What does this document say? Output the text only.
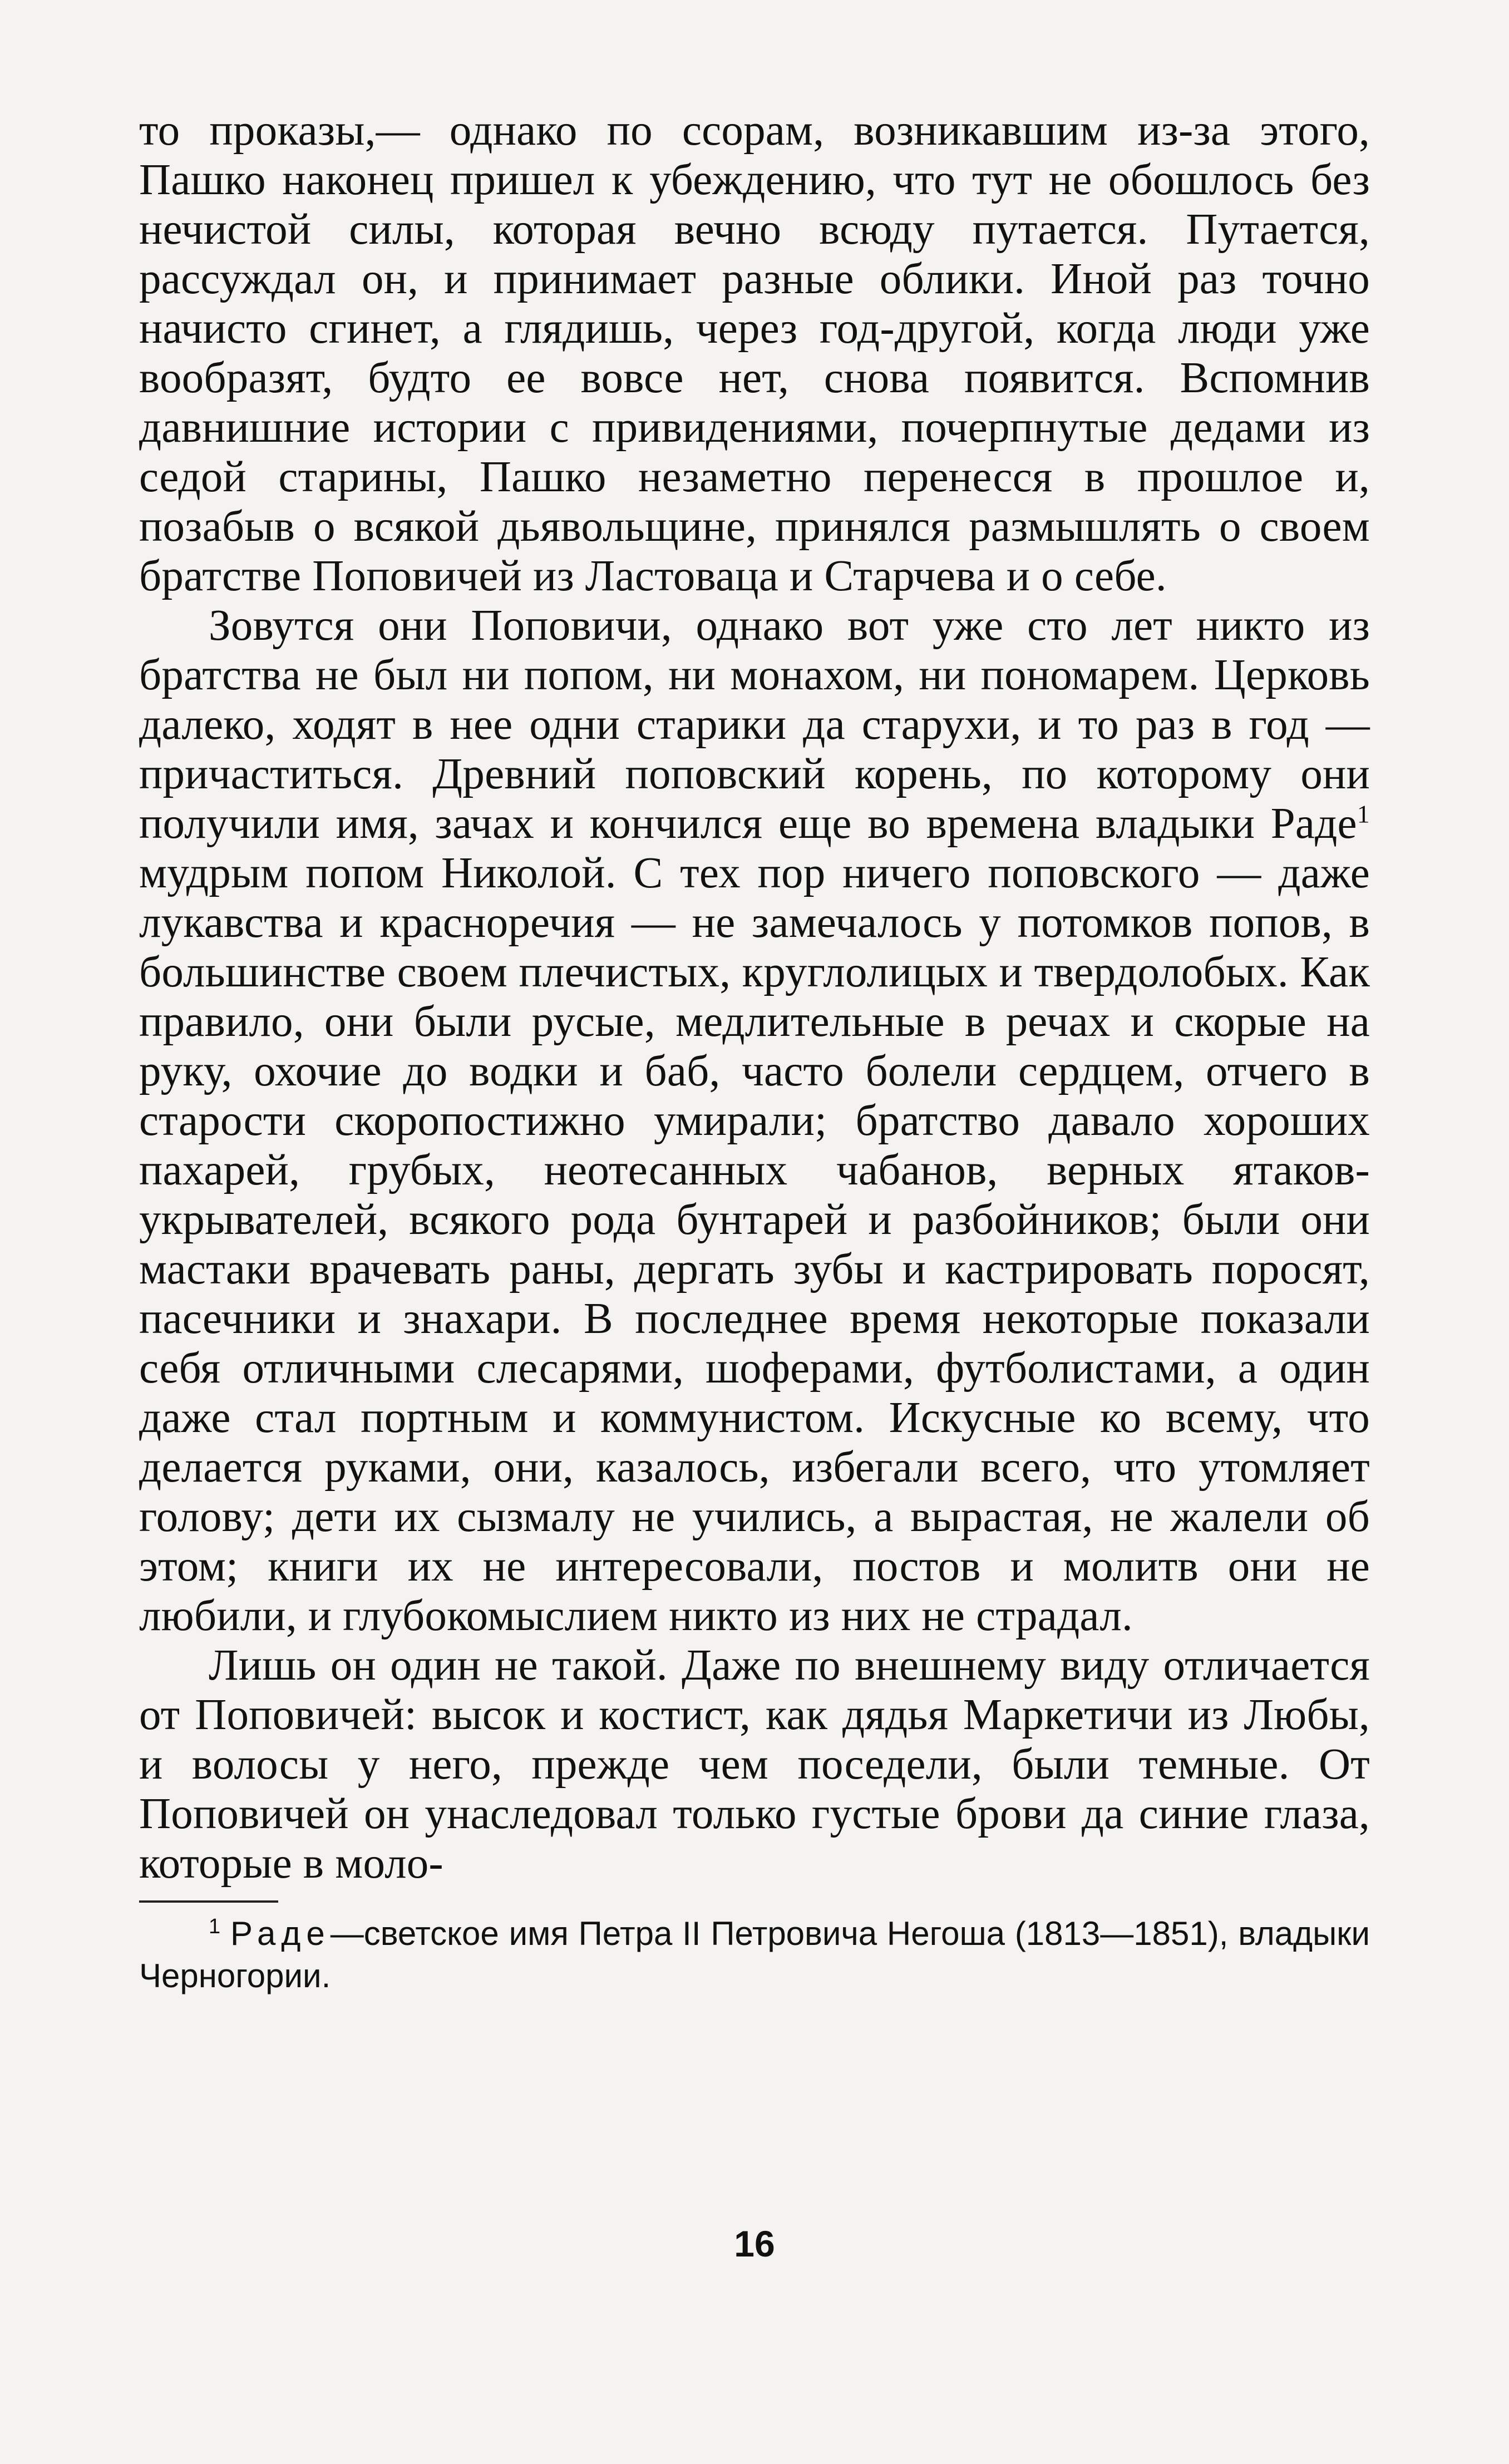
то проказы,— однако по ссорам, возникавшим из-за этого, Пашко наконец пришел к убеждению, что тут не обошлось без нечистой силы, которая вечно всюду путается. Путается, рассуждал он, и принимает разные облики. Иной раз точно начисто сгинет, а глядишь, через год-другой, когда люди уже вообразят, будто ее вовсе нет, снова появится. Вспомнив давнишние истории с привидениями, почерпнутые дедами из седой старины, Пашко незаметно перенесся в прошлое и, позабыв о всякой дьявольщине, принялся размышлять о своем братстве Поповичей из Ластоваца и Старчева и о себе.

Зовутся они Поповичи, однако вот уже сто лет никто из братства не был ни попом, ни монахом, ни пономарем. Церковь далеко, ходят в нее одни старики да старухи, и то раз в год — причаститься. Древний поповский корень, по которому они получили имя, зачах и кончился еще во времена владыки Раде$^1$ мудрым попом Николой. С тех пор ничего поповского — даже лукавства и красноречия — не замечалось у потомков попов, в большинстве своем плечистых, круглолицых и твердолобых. Как правило, они были русые, медлительные в речах и скорые на руку, охочие до водки и баб, часто болели сердцем, отчего в старости скоропостижно умирали; братство давало хороших пахарей, грубых, неотесанных чабанов, верных ятаков-укрывателей, всякого рода бунтарей и разбойников; были они мастаки врачевать раны, дергать зубы и кастрировать поросят, пасечники и знахари. В последнее время некоторые показали себя отличными слесарями, шоферами, футболистами, а один даже стал портным и коммунистом. Искусные ко всему, что делается руками, они, казалось, избегали всего, что утомляет голову; дети их сызмалу не учились, а вырастая, не жалели об этом; книги их не интересовали, постов и молитв они не любили, и глубокомыслием никто из них не страдал.

Лишь он один не такой. Даже по внешнему виду отличается от Поповичей: высок и костист, как дядья Маркетичи из Любы, и волосы у него, прежде чем поседели, были темные. От Поповичей он унаследовал только густые брови да синие глаза, которые в моло-

$^1$ Раде—светское имя Петра II Петровича Негоша (1813—1851), владыки Черногории.

16
